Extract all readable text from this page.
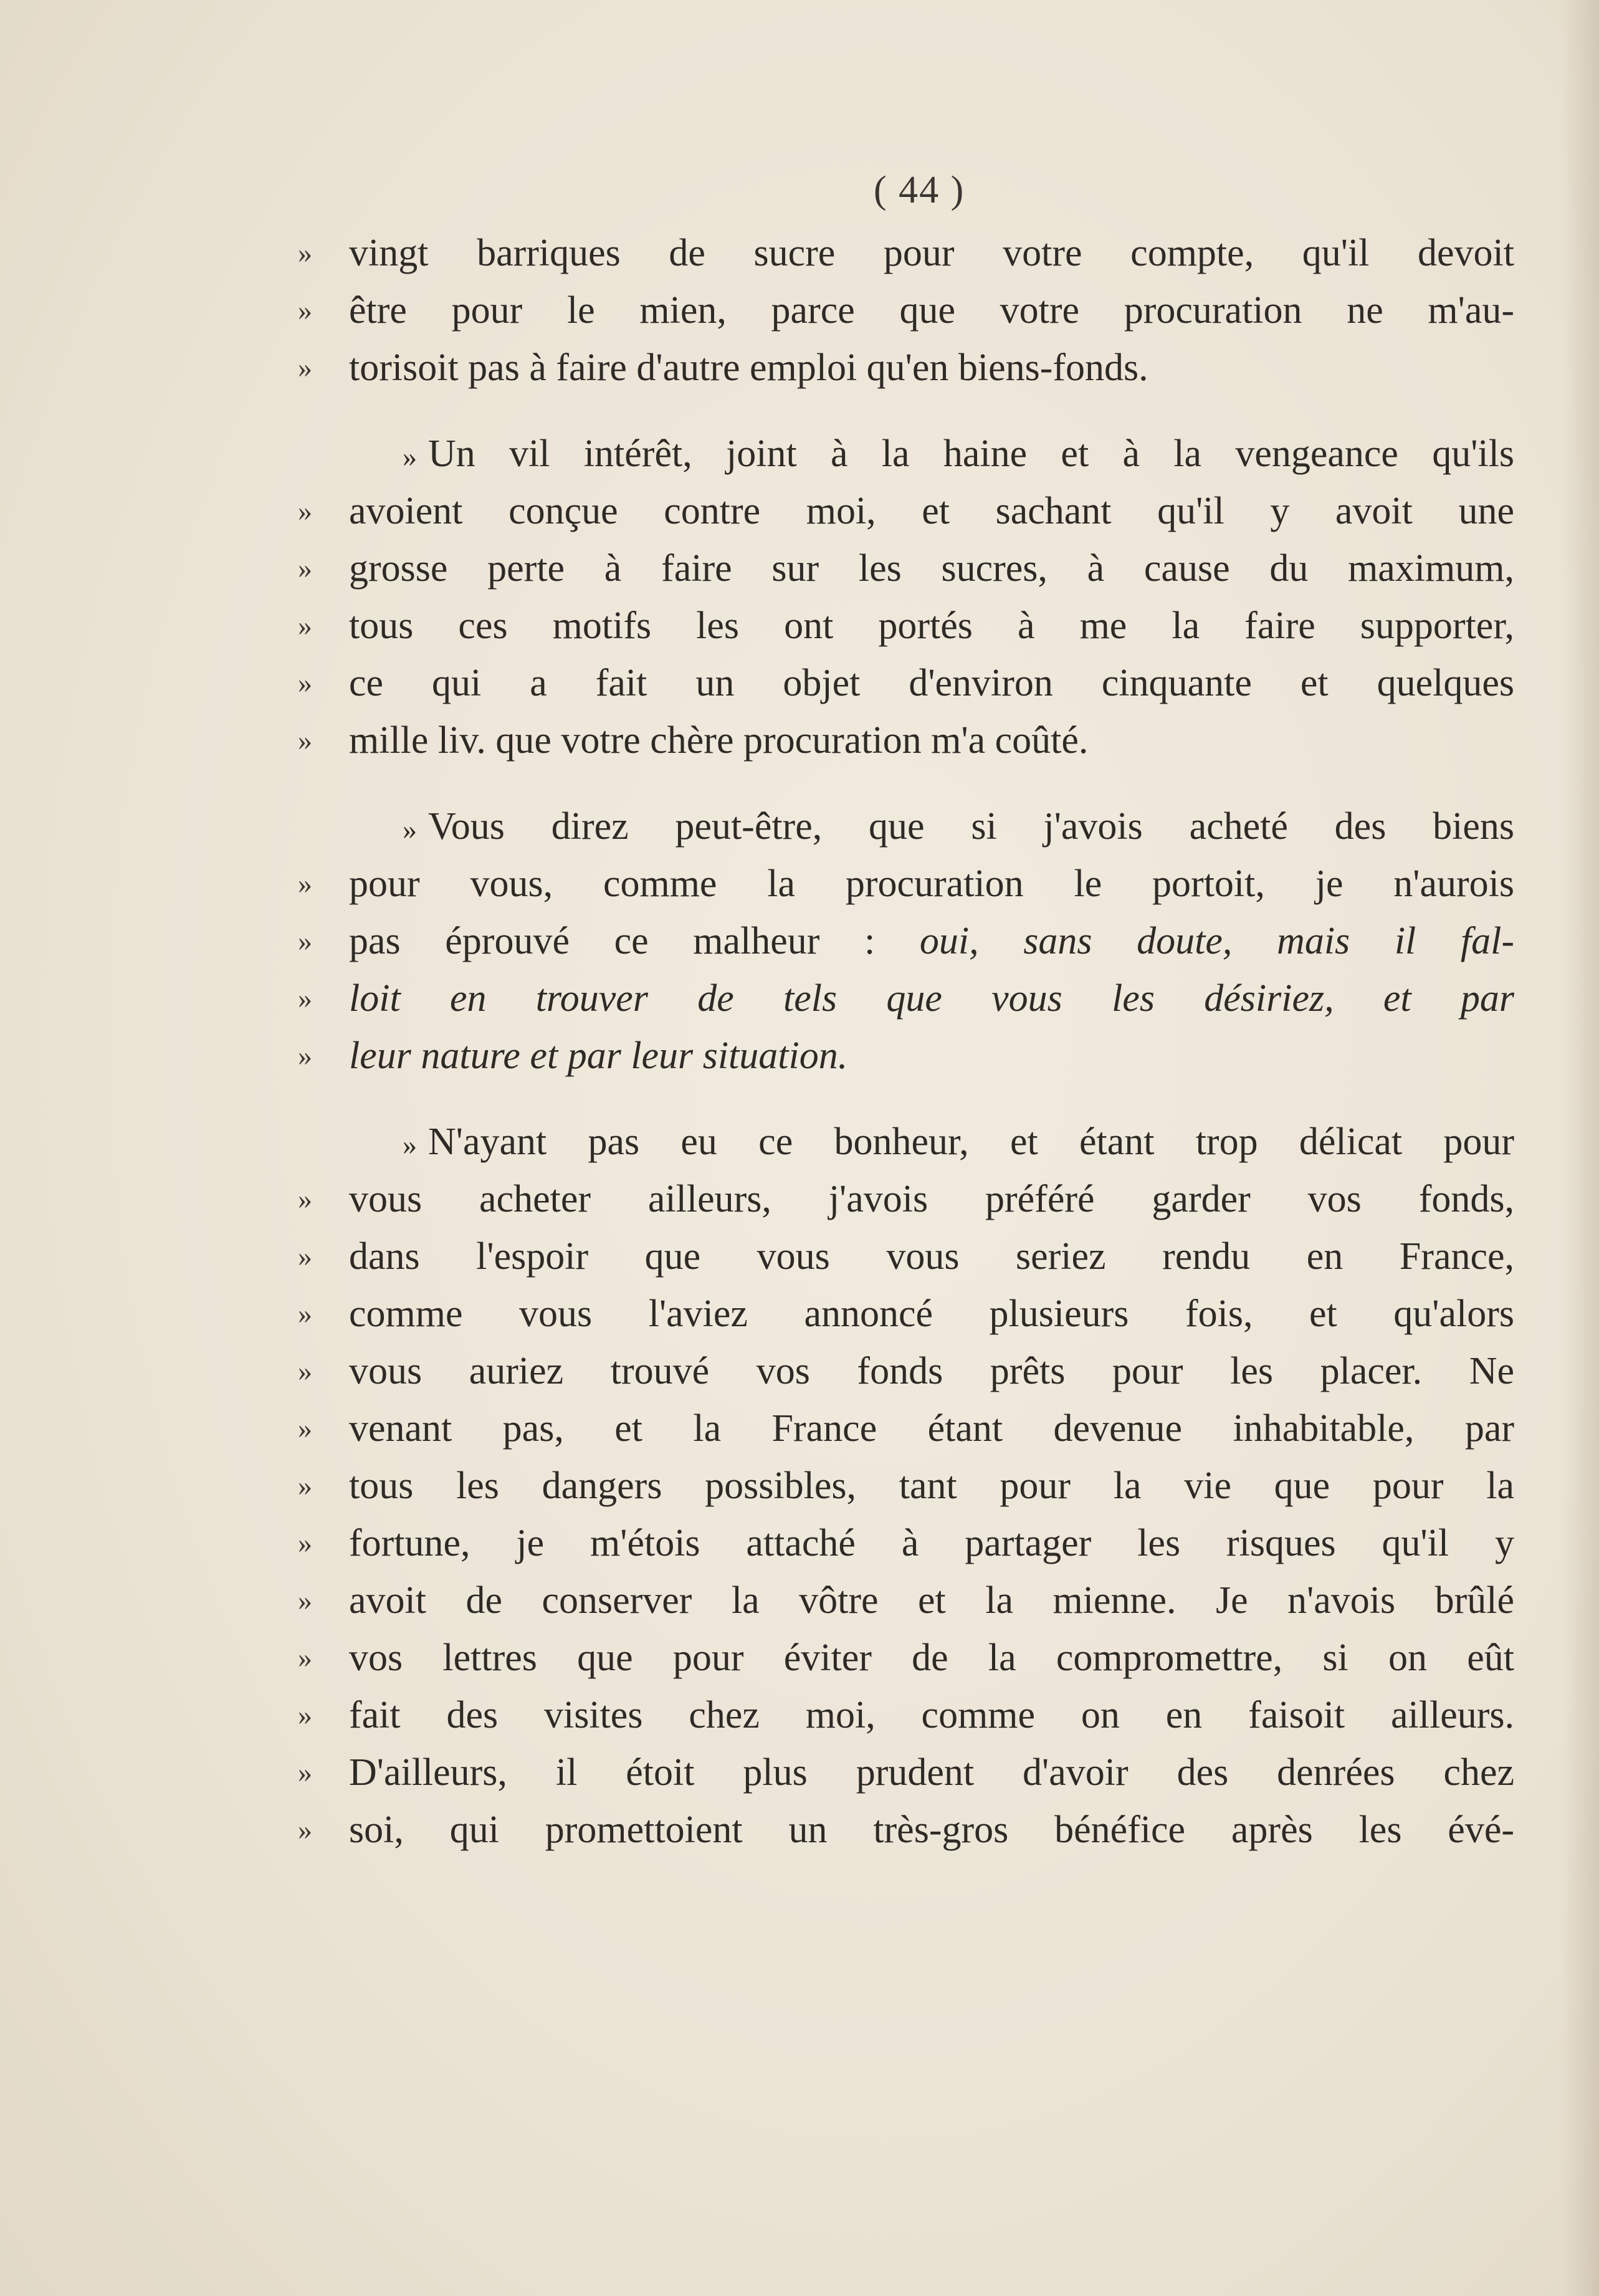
( 44 )
» vingt barriques de sucre pour votre compte, qu'il devoit
» être pour le mien, parce que votre procuration ne m'au-
» torisoit pas à faire d'autre emploi qu'en biens-fonds.
» Un vil intérêt, joint à la haine et à la vengeance qu'ils
» avoient conçue contre moi, et sachant qu'il y avoit une
» grosse perte à faire sur les sucres, à cause du maximum,
» tous ces motifs les ont portés à me la faire supporter,
» ce qui a fait un objet d'environ cinquante et quelques
» mille liv. que votre chère procuration m'a coûté.
» Vous direz peut-être, que si j'avois acheté des biens
» pour vous, comme la procuration le portoit, je n'aurois
» pas éprouvé ce malheur : oui, sans doute, mais il fal-
» loit en trouver de tels que vous les désiriez, et par
» leur nature et par leur situation.
» N'ayant pas eu ce bonheur, et étant trop délicat pour
» vous acheter ailleurs, j'avois préféré garder vos fonds,
» dans l'espoir que vous vous seriez rendu en France,
» comme vous l'aviez annoncé plusieurs fois, et qu'alors
» vous auriez trouvé vos fonds prêts pour les placer. Ne
» venant pas, et la France étant devenue inhabitable, par
» tous les dangers possibles, tant pour la vie que pour la
» fortune, je m'étois attaché à partager les risques qu'il y
» avoit de conserver la vôtre et la mienne. Je n'avois brûlé
» vos lettres que pour éviter de la compromettre, si on eût
» fait des visites chez moi, comme on en faisoit ailleurs.
» D'ailleurs, il étoit plus prudent d'avoir des denrées chez
» soi, qui promettoient un très-gros bénéfice après les évé-
